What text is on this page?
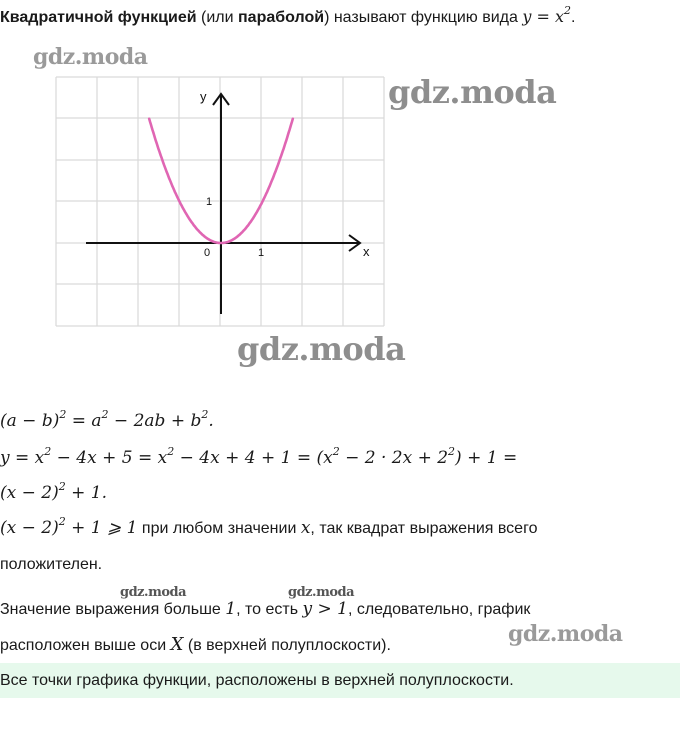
Квадратичной функцией (или параболой) называют функцию вида $y = x^2$.
gdz.moda
gdz.moda
gdz.moda
gdz.moda	gdz.moda
gdz.moda
y
x
0	1
1
$(a - b)^2 = a^2 - 2ab + b^2$.
$y = x^2 - 4x + 5 = x^2 - 4x + 4 + 1 = (x^2 - 2 \cdot 2x + 2^2) + 1$ =
$(x - 2)^2 + 1$.
$(x - 2)^2 + 1$ ⩾ 1 при любом значении x, так квадрат выражения всего
положителен.
Значение выражения больше 1, то есть y > 1, следовательно, график
расположен выше оси X (в верхней полуплоскости).
Все точки графика функции, расположены в верхней полуплоскости.
